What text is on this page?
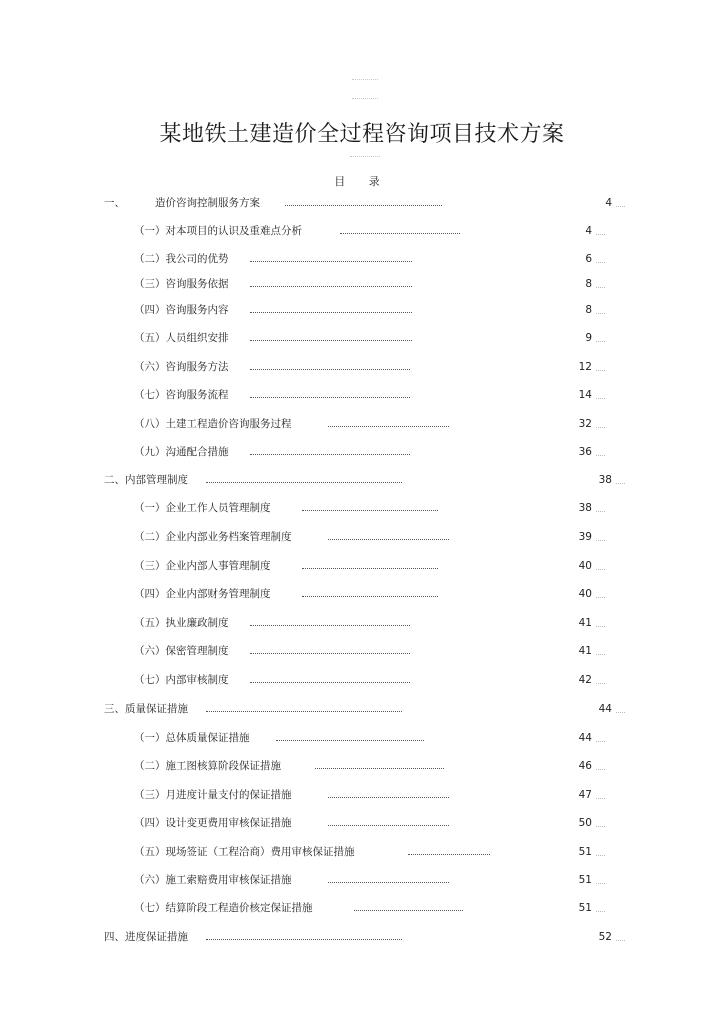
某地铁土建造价全过程咨询项目技术方案
目 录
一、	造价咨询控制服务方案	4
（一）对本项目的认识及重难点分析	4
（二）我公司的优势	6
（三）咨询服务依据	8
（四）咨询服务内容	8
（五）人员组织安排	9
（六）咨询服务方法	12
（七）咨询服务流程	14
（八）土建工程造价咨询服务过程	32
（九）沟通配合措施	36
二、内部管理制度	38
（一）企业工作人员管理制度	38
（二）企业内部业务档案管理制度	39
（三）企业内部人事管理制度	40
（四）企业内部财务管理制度	40
（五）执业廉政制度	41
（六）保密管理制度	41
（七）内部审核制度	42
三、质量保证措施	44
（一）总体质量保证措施	44
（二）施工图核算阶段保证措施	46
（三）月进度计量支付的保证措施	47
（四）设计变更费用审核保证措施	50
（五）现场签证（工程洽商）费用审核保证措施	51
（六）施工索赔费用审核保证措施	51
（七）结算阶段工程造价核定保证措施	51
四、进度保证措施	52
